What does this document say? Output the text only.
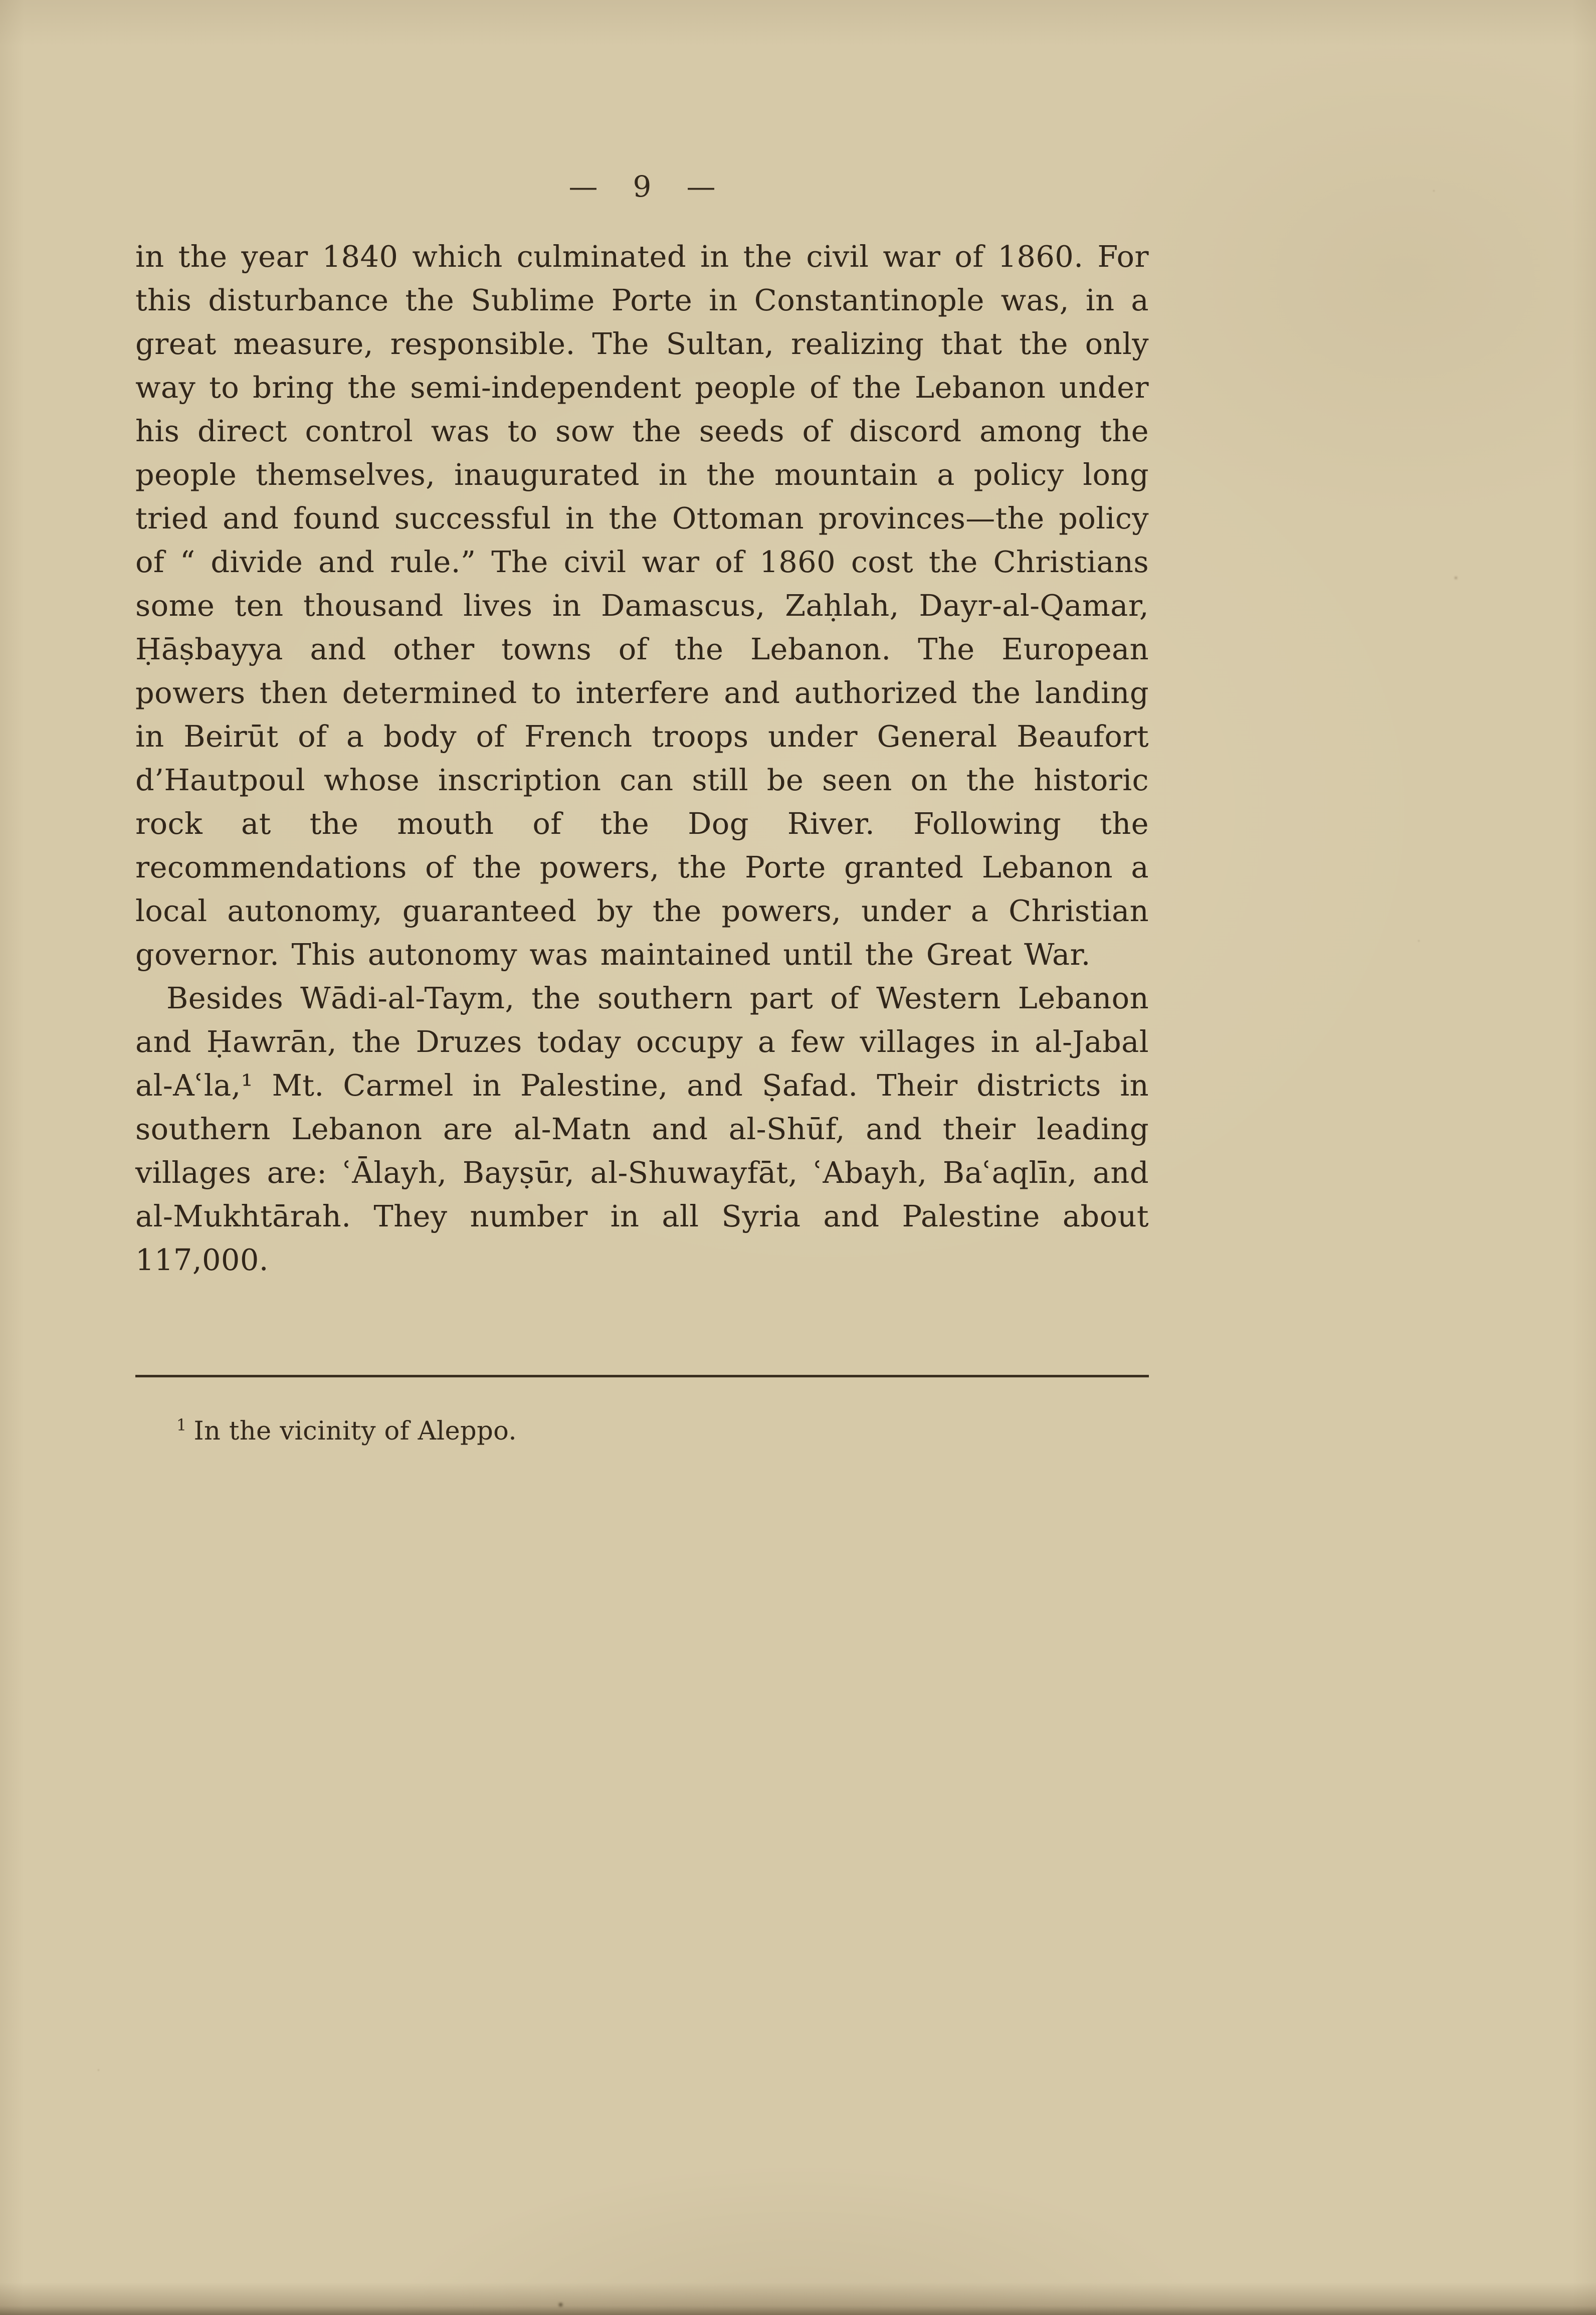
— 9 —

in the year 1840 which culminated in the civil war of 1860. For this disturbance the Sublime Porte in Constantinople was, in a great measure, responsible. The Sultan, realizing that the only way to bring the semi-independent people of the Lebanon under his direct control was to sow the seeds of discord among the people themselves, inaugurated in the mountain a policy long tried and found successful in the Ottoman provinces—the policy of “ divide and rule.” The civil war of 1860 cost the Christians some ten thousand lives in Damascus, Zaḥlah, Dayr-al-Qamar, Ḥāṣbayya and other towns of the Lebanon. The European powers then determined to interfere and authorized the landing in Beirūt of a body of French troops under General Beaufort d’Hautpoul whose inscription can still be seen on the historic rock at the mouth of the Dog River. Following the recommendations of the powers, the Porte granted Lebanon a local autonomy, guaranteed by the powers, under a Christian governor. This autonomy was maintained until the Great War.

Besides Wādi-al-Taym, the southern part of Western Lebanon and Ḥawrān, the Druzes today occupy a few villages in al-Jabal al-Aʿla,¹ Mt. Carmel in Palestine, and Ṣafad. Their districts in southern Lebanon are al-Matn and al-Shūf, and their leading villages are: ʿĀlayh, Bayṣūr, al-Shuwayfāt, ʿAbayh, Baʿaqlīn, and al-Mukhtārah. They number in all Syria and Palestine about 117,000.

$^1$ In the vicinity of Aleppo.
